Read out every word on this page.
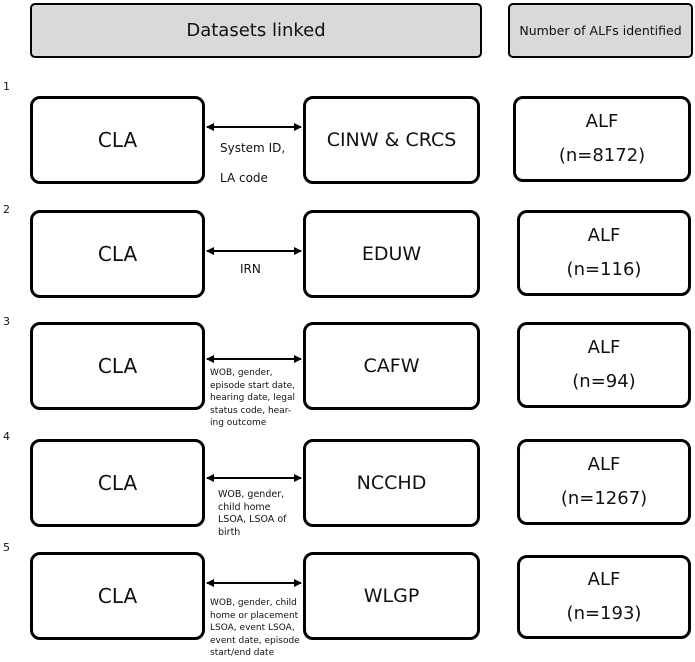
Datasets linked	Number of ALFs identified
1
CLA	CINW & CRCS
System ID,
LA code
ALF
(n=8172)
2
CLA	EDUW
IRN
ALF
(n=116)
3
CLA	CAFW
WOB, gender,
episode start date,
hearing date, legal
status code, hear-
ing outcome
ALF
(n=94)
4
CLA	NCCHD
WOB, gender,
child home
LSOA, LSOA of
birth
ALF
(n=1267)
5
CLA	WLGP
WOB, gender, child
home or placement
LSOA, event LSOA,
event date, episode
start/end date
ALF
(n=193)
